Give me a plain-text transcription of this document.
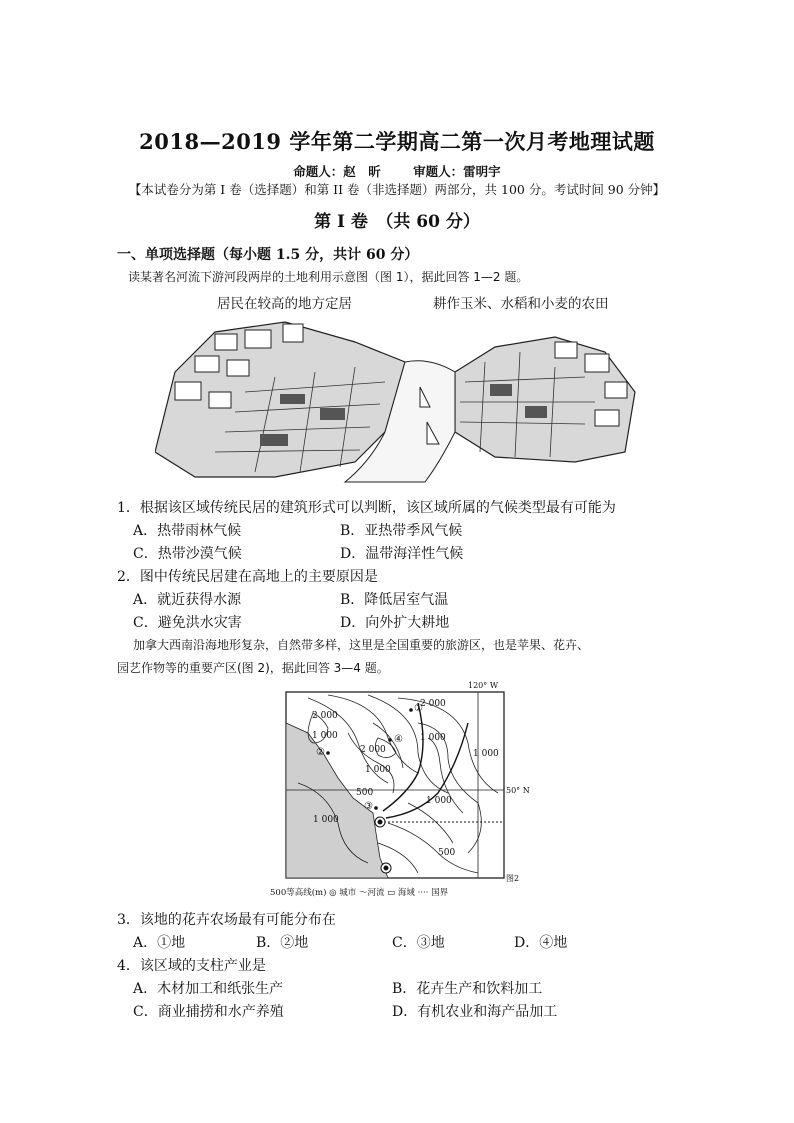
2018—2019 学年第二学期高二第一次月考地理试题
命题人：赵　昕	审题人：雷明宇
【本试卷分为第 I 卷（选择题）和第 II 卷（非选择题）两部分，共 100 分。考试时间 90 分钟】
第 I 卷　（共 60 分）
一、单项选择题（每小题 1.5 分，共计 60 分）
读某著名河流下游河段两岸的土地利用示意图（图 1），据此回答 1—2 题。
居民在较高的地方定居	耕作玉米、水稻和小麦的农田
1．根据该区域传统民居的建筑形式可以判断，该区域所属的气候类型最有可能为
A．热带雨林气候	B．亚热带季风气候
C．热带沙漠气候	D．温带海洋性气候
2．图中传统民居建在高地上的主要原因是
A．就近获得水源	B．降低居室气温
C．避免洪水灾害	D．向外扩大耕地
加拿大西南沿海地形复杂，自然带多样，这里是全国重要的旅游区，也是苹果、花卉、
园艺作物等的重要产区(图 2)，据此回答 3—4 题。
120° W
50° N
图2
2 000
2 000
2 000
1 000	1 000
1 000
1 000
1 000
1 000
500
500
①
②
③
④
500等高线(m) ◎ 城市 ～河流 ▭ 海域 ···· 国界
3．该地的花卉农场最有可能分布在
A．①地	B．②地	C．③地	D．④地
4．该区域的支柱产业是
A．木材加工和纸张生产	B．花卉生产和饮料加工
C．商业捕捞和水产养殖	D．有机农业和海产品加工
